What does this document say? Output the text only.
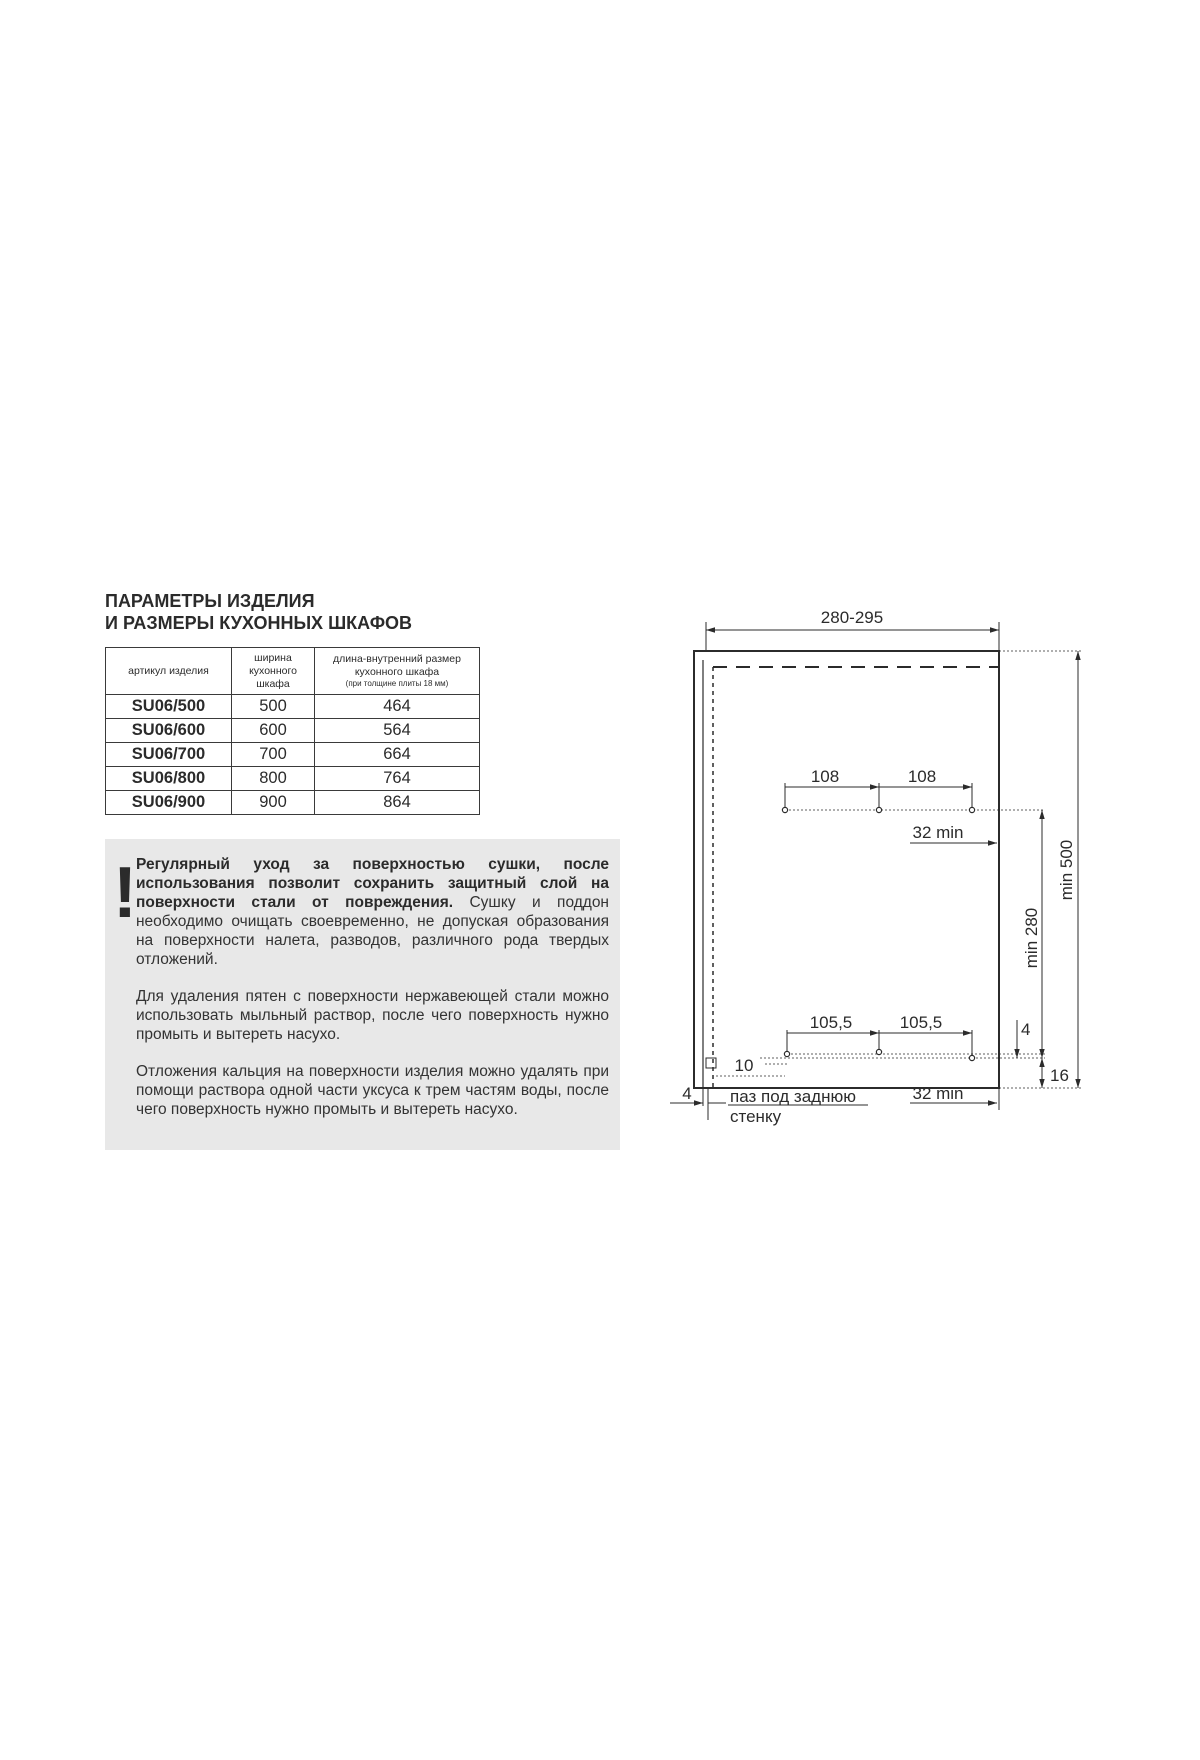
ПАРАМЕТРЫ ИЗДЕЛИЯ
И РАЗМЕРЫ КУХОННЫХ ШКАФОВ
артикул изделия	ширина кухонного шкафа	длина-внутренний размер кухонного шкафа
(при толщине плиты 18 мм)

SU06/500	500	464
SU06/600	600	564
SU06/700	700	664
SU06/800	800	764
SU06/900	900	864
! Регулярный уход за поверхностью сушки, после использования позволит сохранить защитный слой на поверхности стали от повреждения. Сушку и поддон необходимо очищать своевременно, не допуская образования на поверхности налета, разводов, различного рода твердых отложений.

Для удаления пятен с поверхности нержавеющей стали можно использовать мыльный раствор, после чего поверхность нужно промыть и вытереть насухо.

Отложения кальция на поверхности изделия можно удалять при помощи раствора одной части уксуса к трем частям воды, после чего поверхность нужно промыть и вытереть насухо.

280-295
108	108
32 min
min 500
min 280
105,5	105,5	4
16
10
4 паз под заднюю
стенку
32 min
